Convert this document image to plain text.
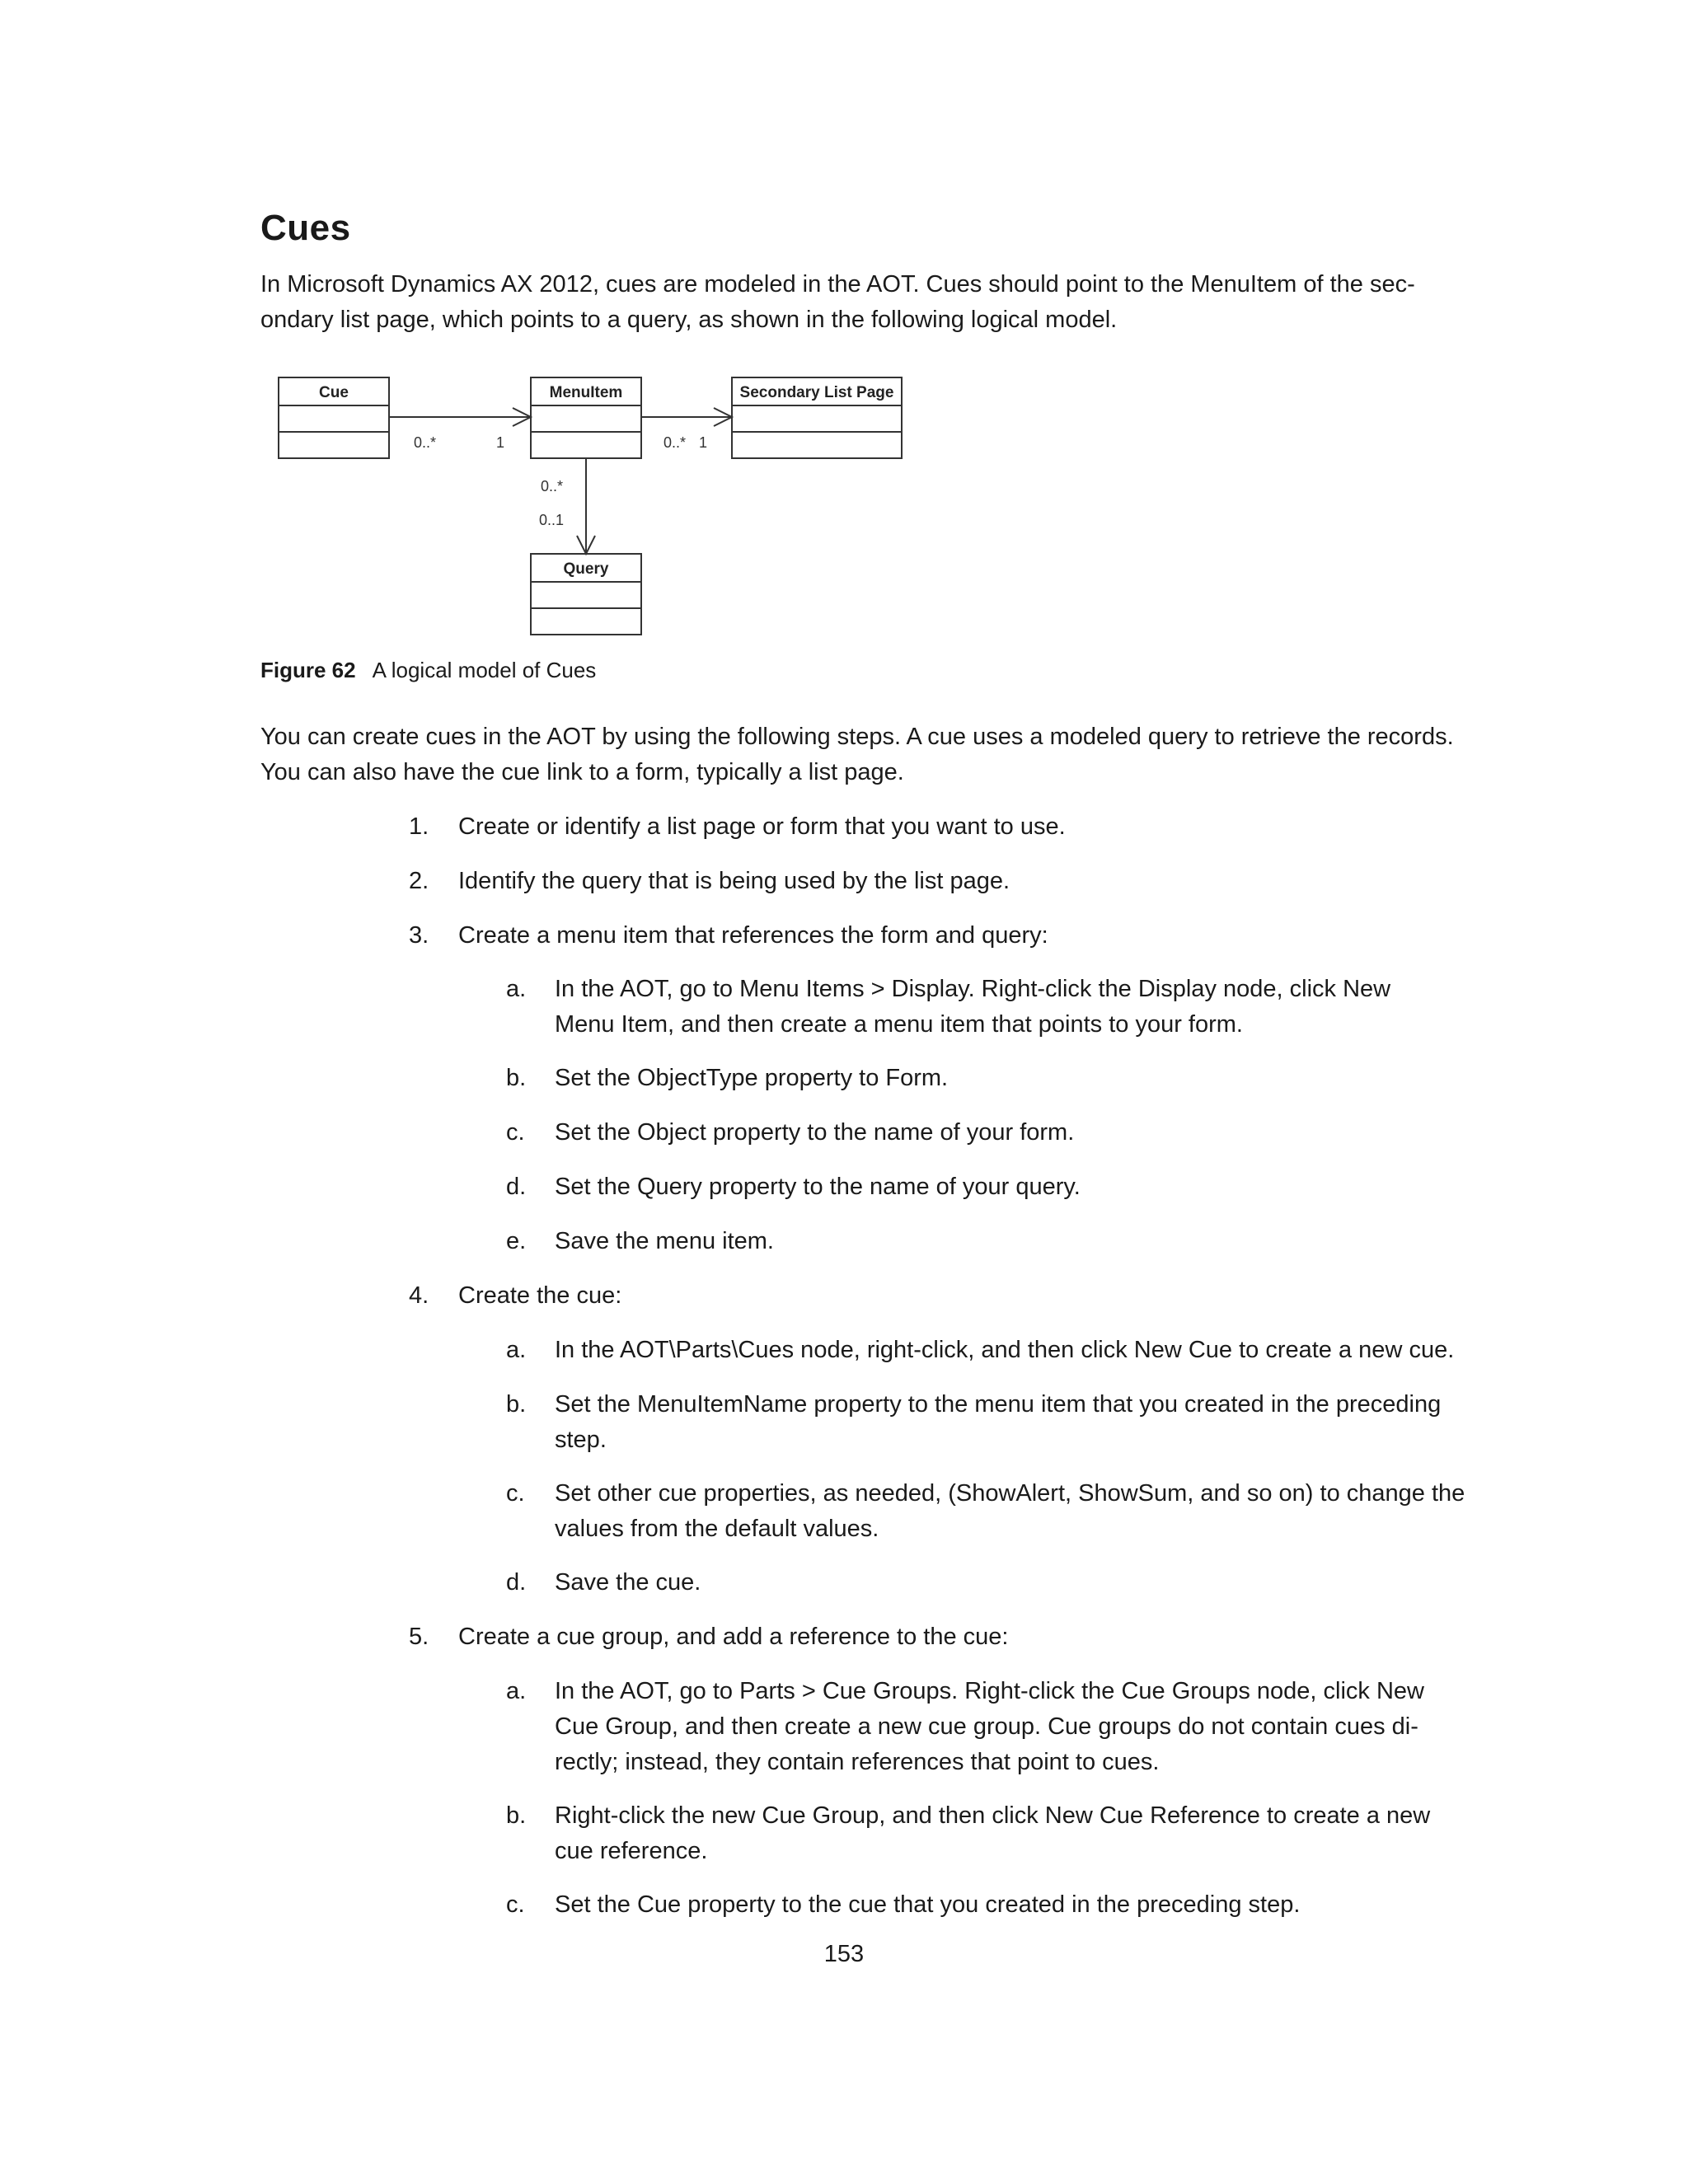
Cues

In Microsoft Dynamics AX 2012, cues are modeled in the AOT. Cues should point to the MenuItem of the sec-

ondary list page, which points to a query, as shown in the following logical model.

Cue	MenuItem	Secondary List Page
Query
0..*	1	0..* 1
0..*
0..1
Figure 62 A logical model of Cues

You can create cues in the AOT by using the following steps. A cue uses a modeled query to retrieve the records.

You can also have the cue link to a form, typically a list page.

1. Create or identify a list page or form that you want to use.
2. Identify the query that is being used by the list page.
3. Create a menu item that references the form and query:
a. In the AOT, go to Menu Items > Display. Right-click the Display node, click New
Menu Item, and then create a menu item that points to your form.
b. Set the ObjectType property to Form.
c. Set the Object property to the name of your form.
d. Set the Query property to the name of your query.
e. Save the menu item.
4. Create the cue:
a. In the AOT\Parts\Cues node, right-click, and then click New Cue to create a new cue.
b. Set the MenuItemName property to the menu item that you created in the preceding
step.
c. Set other cue properties, as needed, (ShowAlert, ShowSum, and so on) to change the
values from the default values.
d. Save the cue.
5. Create a cue group, and add a reference to the cue:
a. In the AOT, go to Parts > Cue Groups. Right-click the Cue Groups node, click New
Cue Group, and then create a new cue group. Cue groups do not contain cues di-
rectly; instead, they contain references that point to cues.
b. Right-click the new Cue Group, and then click New Cue Reference to create a new
cue reference.
c. Set the Cue property to the cue that you created in the preceding step.
153
